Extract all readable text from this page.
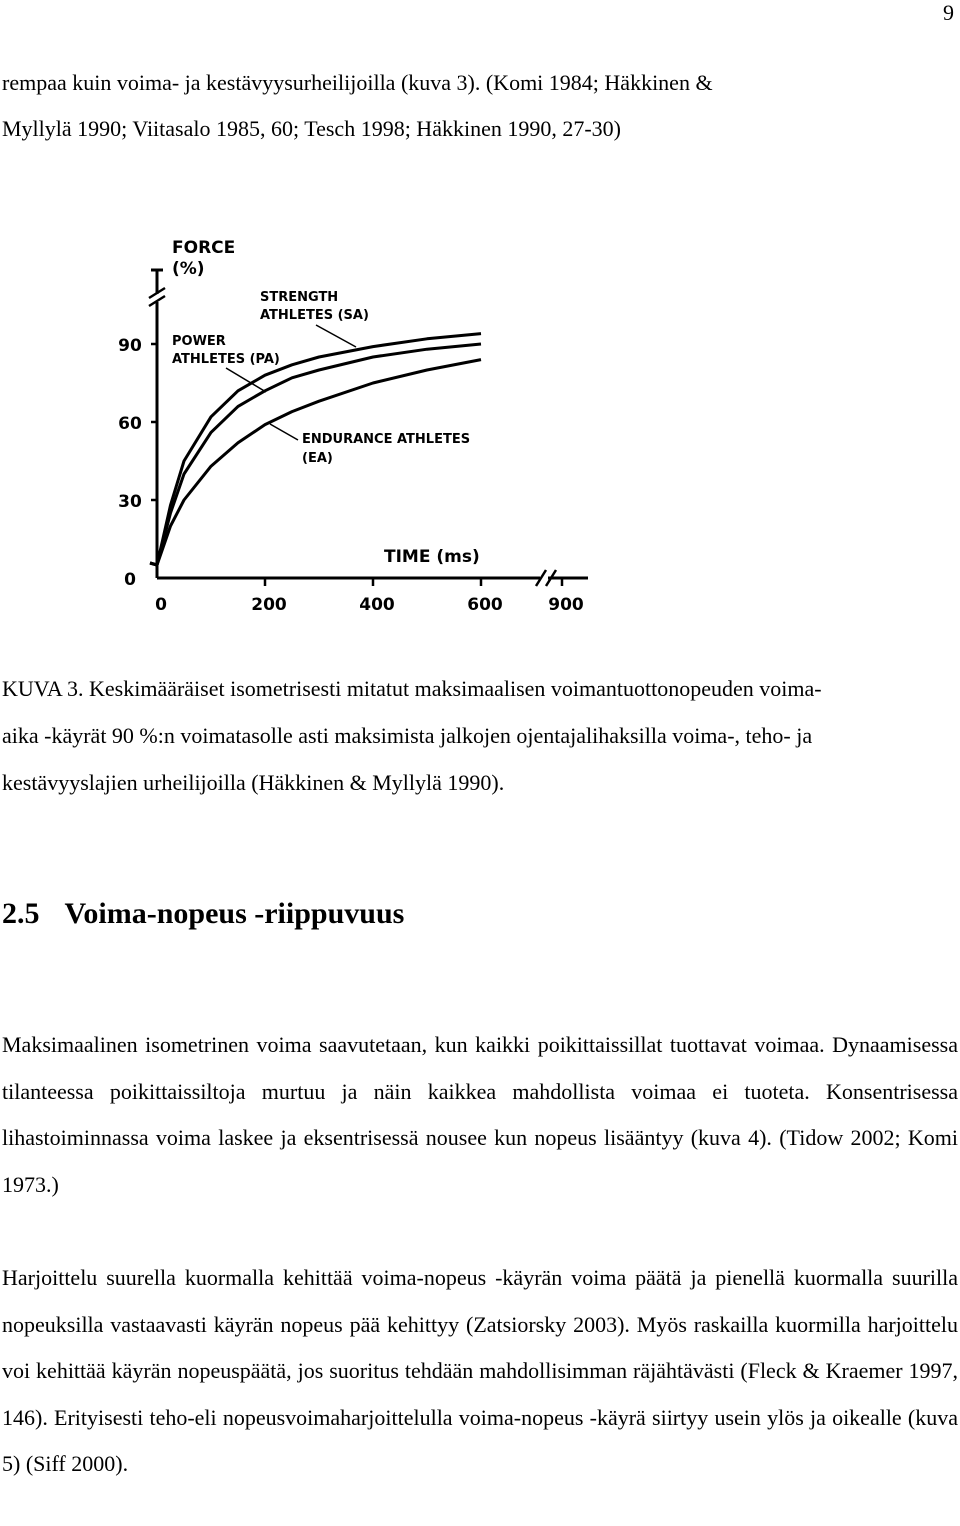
9

rempaa kuin voima- ja kestävyysurheilijoilla (kuva 3). (Komi 1984; Häkkinen &

Myllylä 1990; Viitasalo 1985, 60; Tesch 1998; Häkkinen 1990, 27-30)

0
30
60
90
0	200	400	600	900
FORCE
(%)
TIME (ms)
STRENGTH
ATHLETES (SA)
POWER
ATHLETES (PA)
ENDURANCE ATHLETES
(EA)

KUVA 3. Keskimääräiset isometrisesti mitatut maksimaalisen voimantuottonopeuden voima-

aika -käyrät 90 %:n voimatasolle asti maksimista jalkojen ojentajalihaksilla voima-, teho- ja

kestävyyslajien urheilijoilla (Häkkinen & Myllylä 1990).

2.5 Voima-nopeus -riippuvuus

Maksimaalinen isometrinen voima saavutetaan, kun kaikki poikittaissillat tuottavat voimaa. Dynaamisessa tilanteessa poikittaissiltoja murtuu ja näin kaikkea mahdollista voimaa ei tuoteta. Konsentrisessa lihastoiminnassa voima laskee ja eksentrisessä nousee kun nopeus lisääntyy (kuva 4). (Tidow 2002; Komi 1973.)

Harjoittelu suurella kuormalla kehittää voima-nopeus -käyrän voima päätä ja pienellä kuormalla suurilla nopeuksilla vastaavasti käyrän nopeus pää kehittyy (Zatsiorsky 2003). Myös raskailla kuormilla harjoittelu voi kehittää käyrän nopeuspäätä, jos suoritus tehdään mahdollisimman räjähtävästi (Fleck & Kraemer 1997, 146). Erityisesti teho-eli nopeusvoimaharjoittelulla voima-nopeus -käyrä siirtyy usein ylös ja oikealle (kuva 5) (Siff 2000).
